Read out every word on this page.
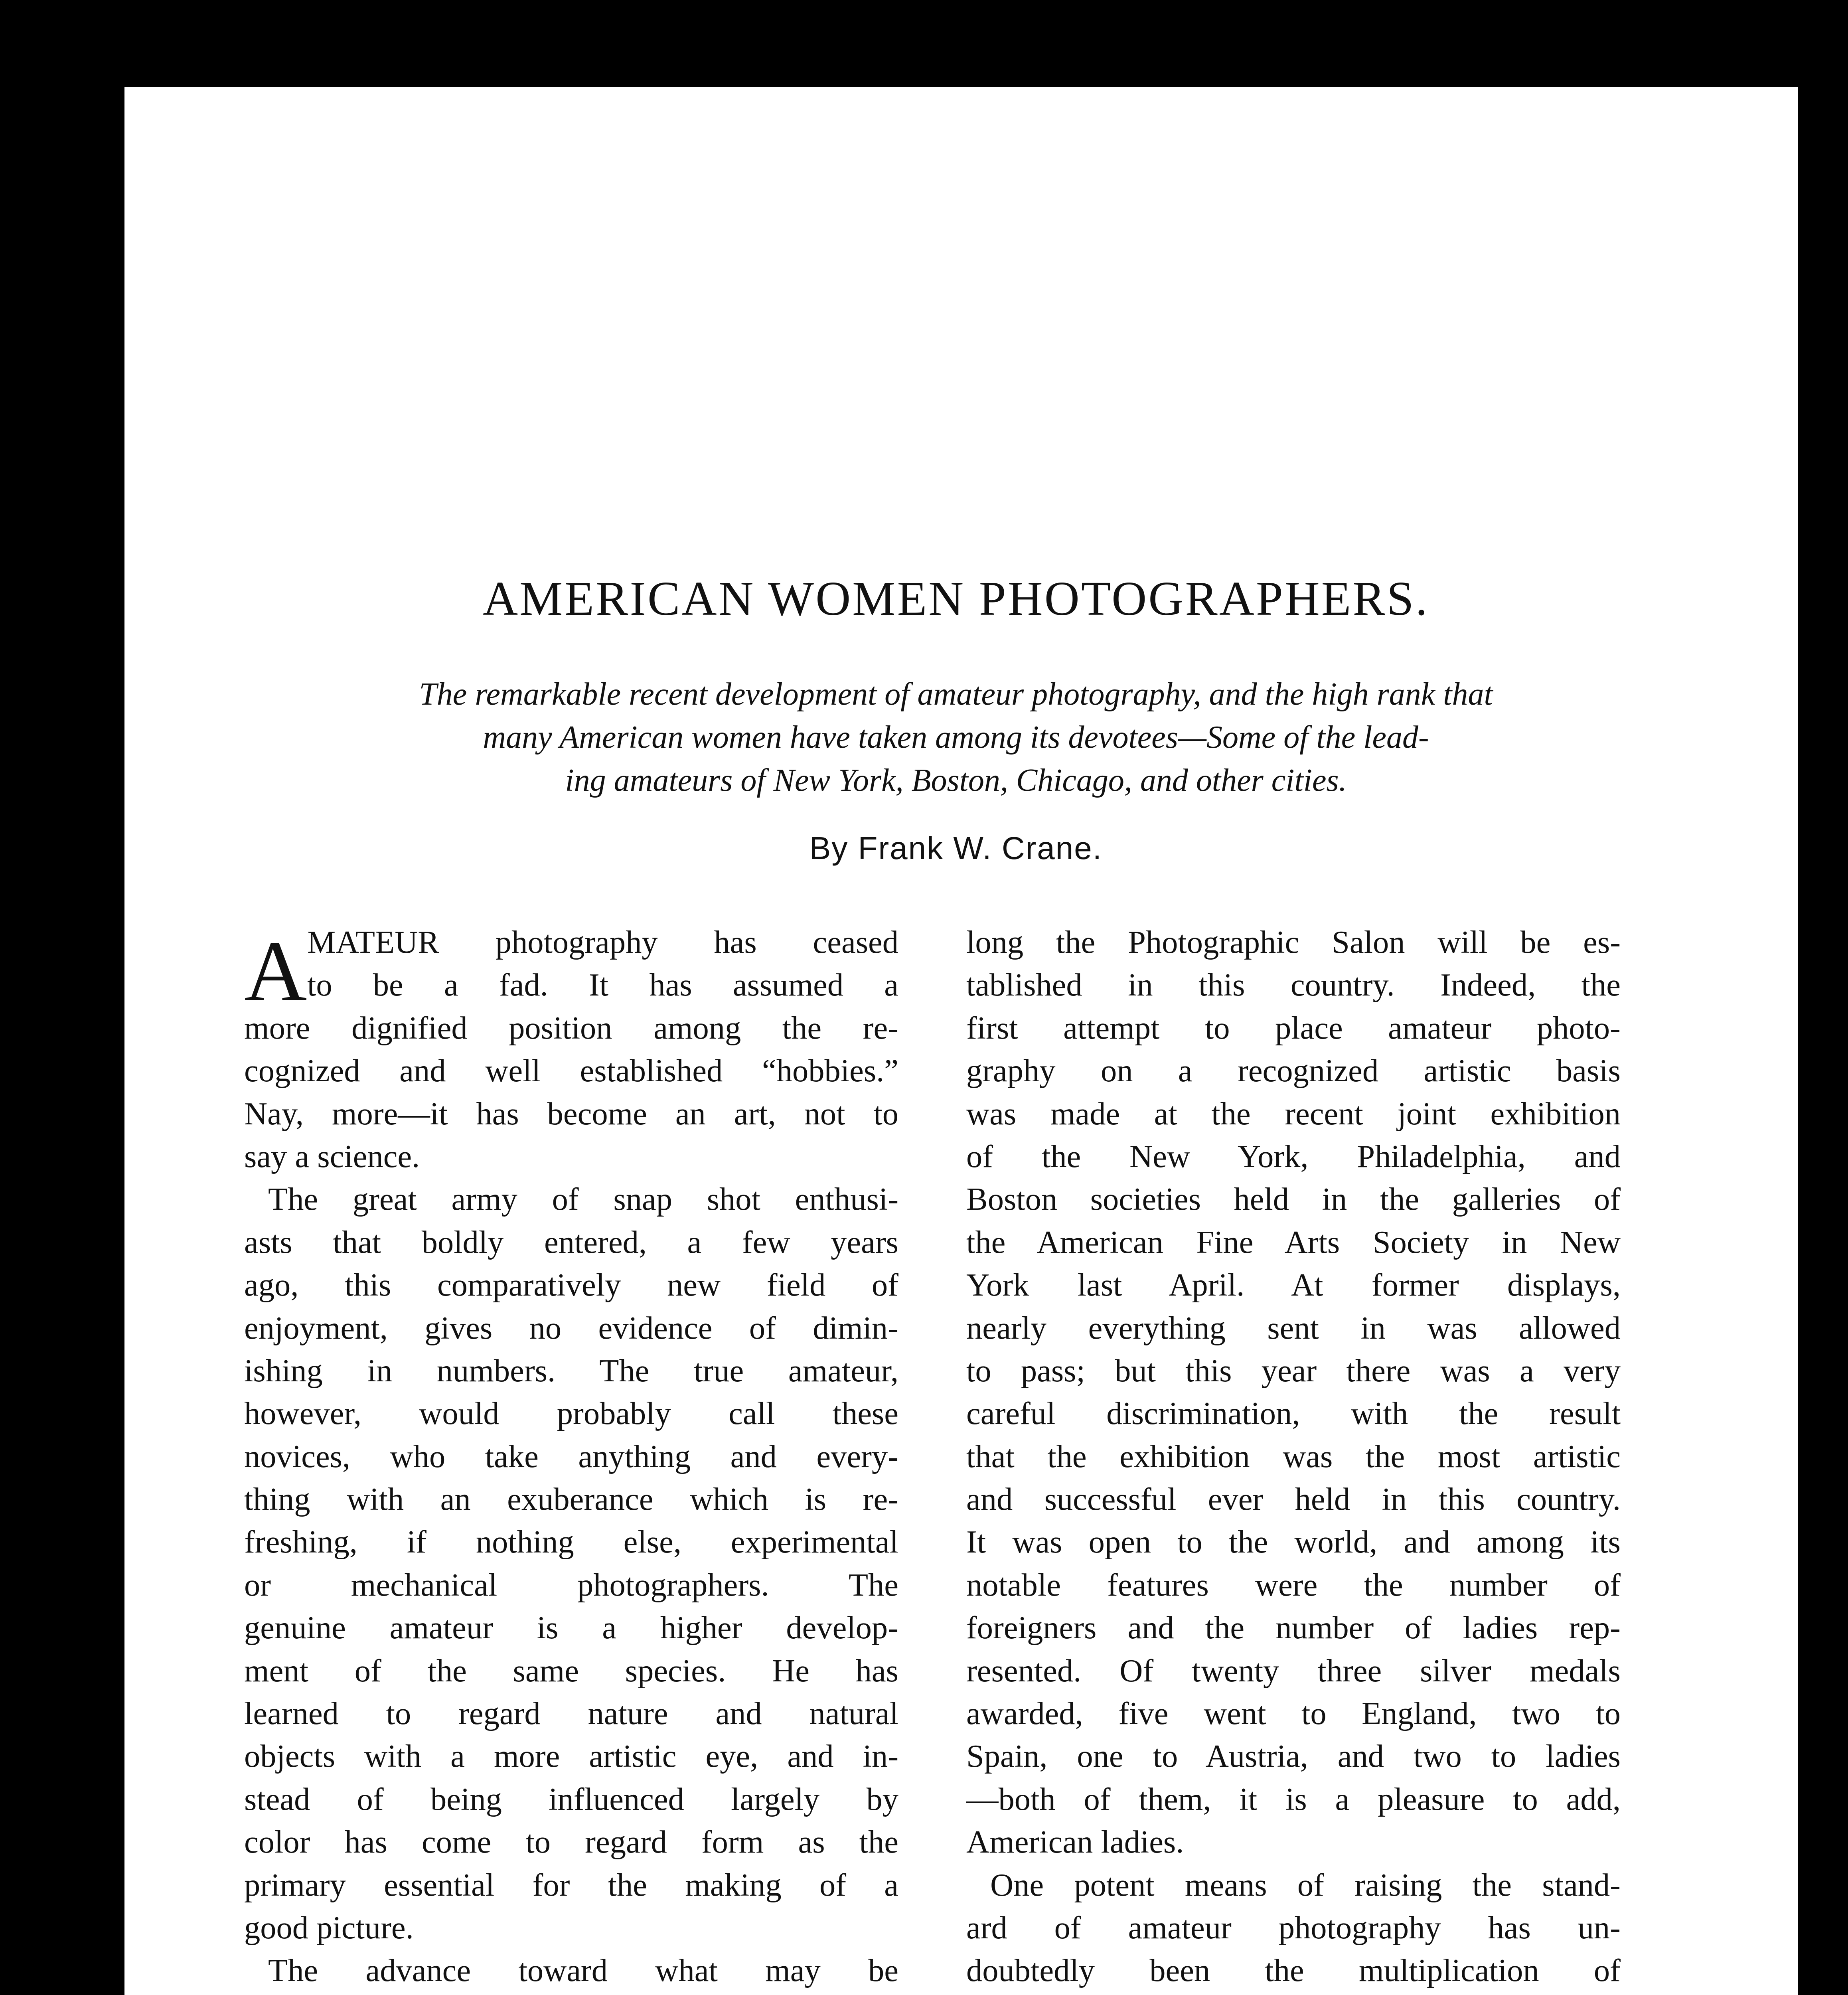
AMERICAN WOMEN PHOTOGRAPHERS.
The remarkable recent development of amateur photography, and the high rank that
many American women have taken among its devotees—Some of the lead-
ing amateurs of New York, Boston, Chicago, and other cities.
By Frank W. Crane.
A MATEUR photography has ceased
to be a fad. It has assumed a
more dignified position among the re-
cognized and well established “hobbies.”
Nay, more—it has become an art, not to
say a science.
The great army of snap shot enthusi-
asts that boldly entered, a few years
ago, this comparatively new field of
enjoyment, gives no evidence of dimin-
ishing in numbers. The true amateur,
however, would probably call these
novices, who take anything and every-
thing with an exuberance which is re-
freshing, if nothing else, experimental
or mechanical photographers. The
genuine amateur is a higher develop-
ment of the same species. He has
learned to regard nature and natural
objects with a more artistic eye, and in-
stead of being influenced largely by
color has come to regard form as the
primary essential for the making of a
good picture.
The advance toward what may be
long the Photographic Salon will be es-
tablished in this country. Indeed, the
first attempt to place amateur photo-
graphy on a recognized artistic basis
was made at the recent joint exhibition
of the New York, Philadelphia, and
Boston societies held in the galleries of
the American Fine Arts Society in New
York last April. At former displays,
nearly everything sent in was allowed
to pass; but this year there was a very
careful discrimination, with the result
that the exhibition was the most artistic
and successful ever held in this country.
It was open to the world, and among its
notable features were the number of
foreigners and the number of ladies rep-
resented. Of twenty three silver medals
awarded, five went to England, two to
Spain, one to Austria, and two to ladies
—both of them, it is a pleasure to add,
American ladies.
One potent means of raising the stand-
ard of amateur photography has un-
doubtedly been the multiplication of
